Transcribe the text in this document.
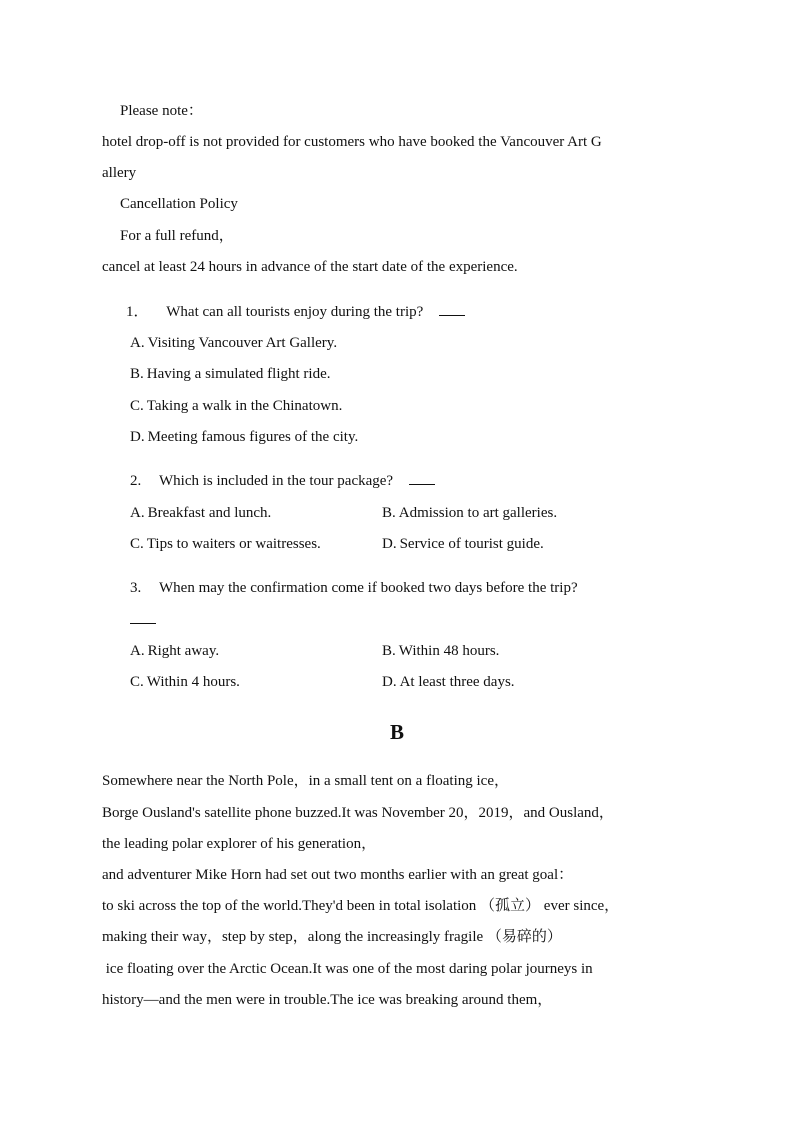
Please note：
hotel drop-off is not provided for customers who have booked the Vancouver Art G
allery
Cancellation Policy
For a full refund，
cancel at least 24 hours in advance of the start date of the experience.
1． What can all tourists enjoy during the trip?
A. Visiting Vancouver Art Gallery.
B. Having a simulated flight ride.
C. Taking a walk in the Chinatown.
D. Meeting famous figures of the city.
2. Which is included in the tour package?
A. Breakfast and lunch.	B. Admission to art galleries.
C. Tips to waiters or waitresses.	D. Service of tourist guide.
3. When may the confirmation come if booked two days before the trip?
A. Right away.	B. Within 48 hours.
C. Within 4 hours.	D. At least three days.
B
Somewhere near the North Pole，in a small tent on a floating ice，
Borge Ousland's satellite phone buzzed.It was November 20，2019，and Ousland，
the leading polar explorer of his generation，
and adventurer Mike Horn had set out two months earlier with an great goal：
to ski across the top of the world.They'd been in total isolation （孤立） ever since，
making their way，step by step，along the increasingly fragile （易碎的）
ice floating over the Arctic Ocean.It was one of the most daring polar journeys in
history—and the men were in trouble.The ice was breaking around them，
